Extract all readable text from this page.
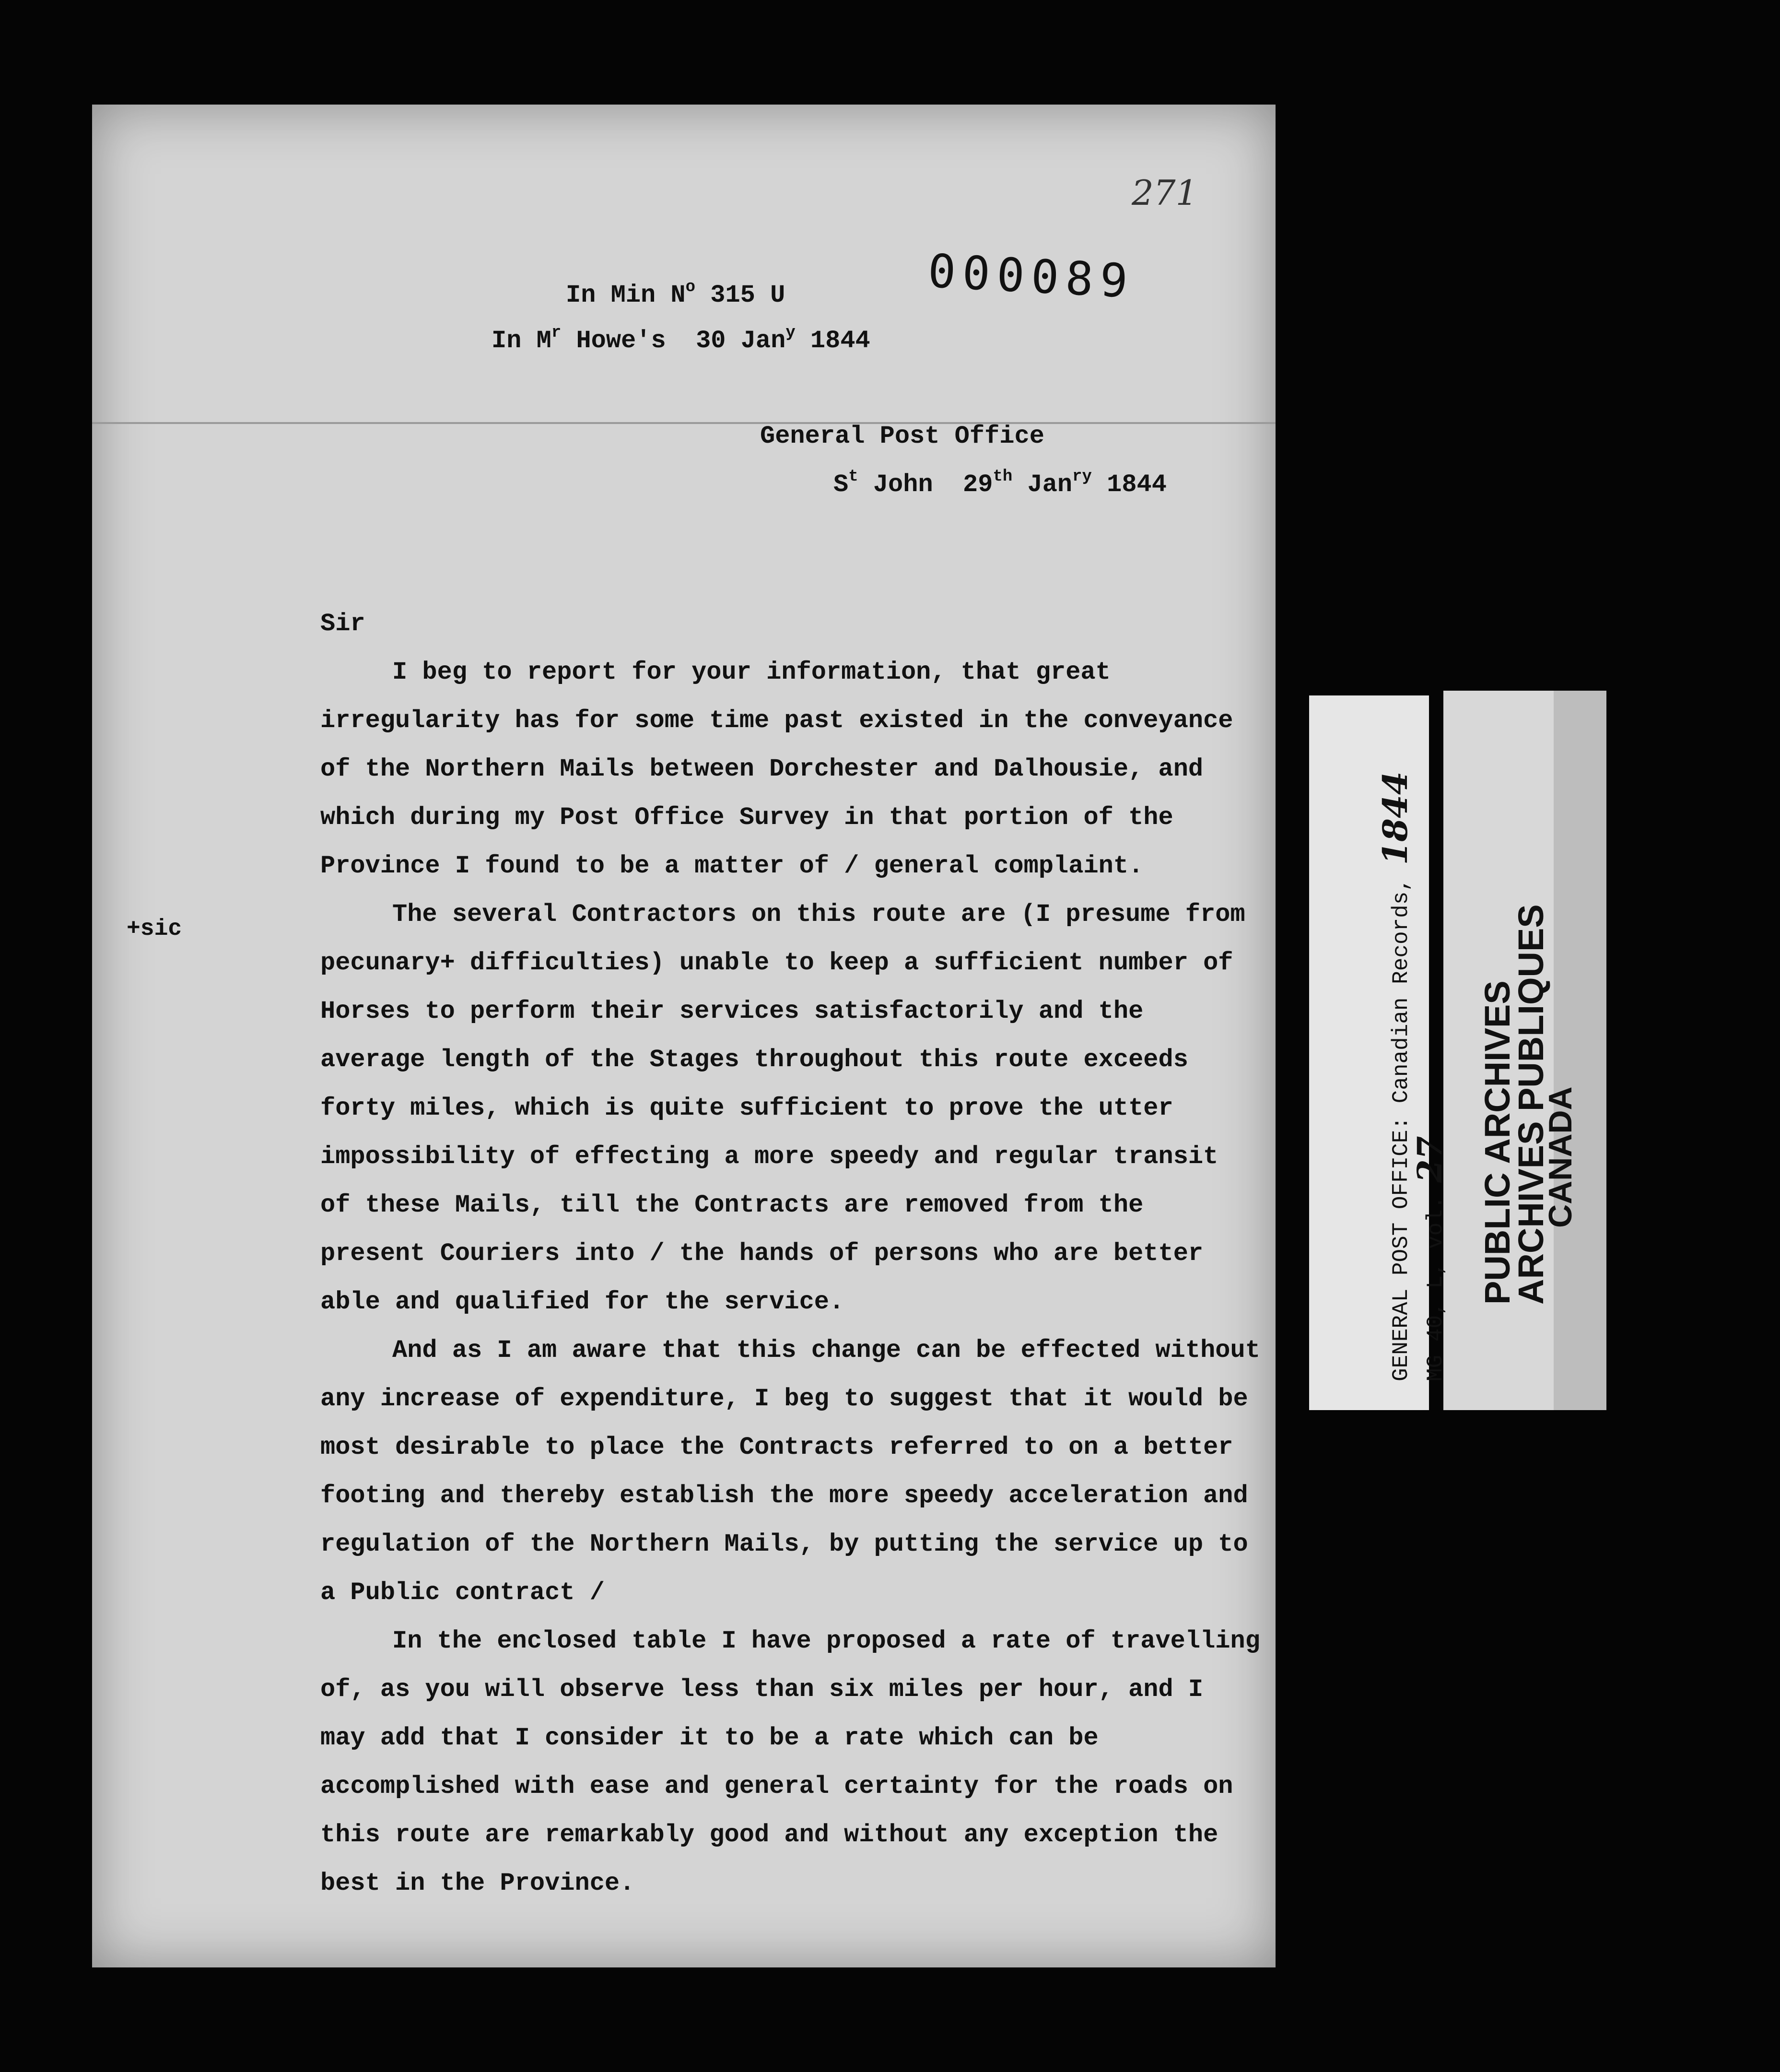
271
000089
In Min $N^o$ 315 U
In $M^r$ Howe's  30 Jan$^y$ 1844
General Post Office
$S^t$ John  29th Jan$^{ry}$ 1844
+sic

Sir

I beg to report for your information, that great irregularity has for some time past existed in the conveyance of the Northern Mails between Dorchester and Dalhousie, and which during my Post Office Survey in that portion of the Province I found to be a matter of / general complaint.

The several Contractors on this route are (I presume from pecunary+ difficulties) unable to keep a sufficient number of Horses to perform their services satisfactorily and the average length of the Stages throughout this route exceeds forty miles, which is quite sufficient to prove the utter impossibility of effecting a more speedy and regular transit of these Mails, till the Contracts are removed from the present Couriers into / the hands of persons who are better able and qualified for the service.

And as I am aware that this change can be effected without any increase of expenditure, I beg to suggest that it would be most desirable to place the Contracts referred to on a better footing and thereby establish the more speedy acceleration and regulation of the Northern Mails, by putting the service up to a Public contract /

In the enclosed table I have proposed a rate of travelling of, as you will observe less than six miles per hour, and I may add that I consider it to be a rate which can be accomplished with ease and general certainty for the roads on this route are remarkably good and without any exception the best in the Province.

GENERAL POST OFFICE: Canadian Records, 1844
MG 40, L, vol. 27 PUBLIC ARCHIVES
ARCHIVES PUBLIQUES
CANADA
